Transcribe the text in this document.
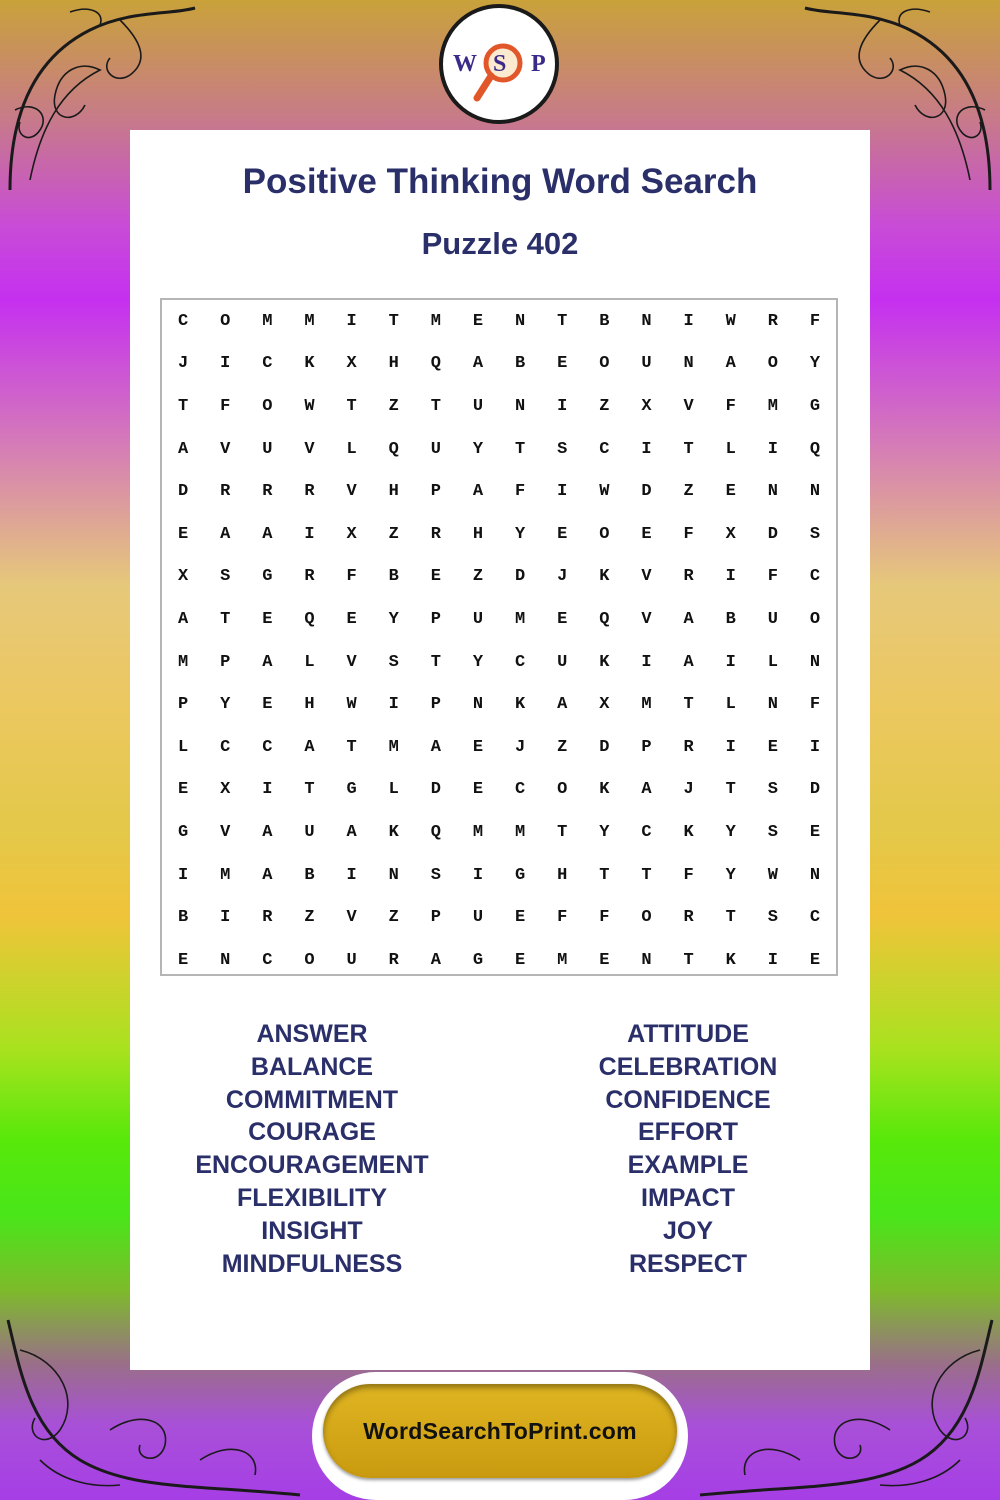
W S P
Positive Thinking Word Search
Puzzle 402
C	O	M	M	I	T	M	E	N	T	B	N	I	W	R	F
J	I	C	K	X	H	Q	A	B	E	O	U	N	A	O	Y
T	F	O	W	T	Z	T	U	N	I	Z	X	V	F	M	G
A	V	U	V	L	Q	U	Y	T	S	C	I	T	L	I	Q
D	R	R	R	V	H	P	A	F	I	W	D	Z	E	N	N
E	A	A	I	X	Z	R	H	Y	E	O	E	F	X	D	S
X	S	G	R	F	B	E	Z	D	J	K	V	R	I	F	C
A	T	E	Q	E	Y	P	U	M	E	Q	V	A	B	U	O
M	P	A	L	V	S	T	Y	C	U	K	I	A	I	L	N
P	Y	E	H	W	I	P	N	K	A	X	M	T	L	N	F
L	C	C	A	T	M	A	E	J	Z	D	P	R	I	E	I
E	X	I	T	G	L	D	E	C	O	K	A	J	T	S	D
G	V	A	U	A	K	Q	M	M	T	Y	C	K	Y	S	E
I	M	A	B	I	N	S	I	G	H	T	T	F	Y	W	N
B	I	R	Z	V	Z	P	U	E	F	F	O	R	T	S	C
E	N	C	O	U	R	A	G	E	M	E	N	T	K	I	E
ANSWER
BALANCE
COMMITMENT
COURAGE
ENCOURAGEMENT
FLEXIBILITY
INSIGHT
MINDFULNESS
ATTITUDE
CELEBRATION
CONFIDENCE
EFFORT
EXAMPLE
IMPACT
JOY
RESPECT
WordSearchToPrint.com
